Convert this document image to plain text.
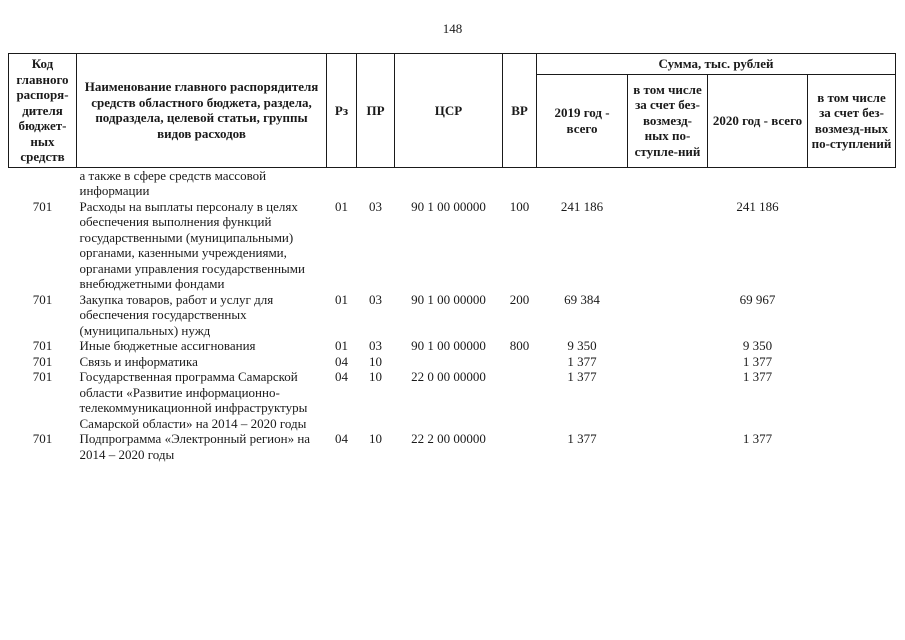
148
Код главного распоря-дителя бюджет-ных средств	Наименование главного распорядителя средств областного бюджета, раздела, подраздела, целевой статьи, группы видов расходов	Рз	ПР	ЦСР	ВР	Сумма, тыс. рублей			
						2019 год - всего	в том числе за счет без-возмезд-ных по-ступле-ний	2020 год - всего	в том числе за счет без-возмезд-ных по-ступлений
	а также в сфере средств массовой информации								
701	Расходы на выплаты персоналу в целях обеспечения выполнения функций государственными (муниципальными) органами, казенными учреждениями, органами управления государственными внебюджетными фондами	01	03	90 1 00 00000	100	241 186		241 186	
701	Закупка товаров, работ и услуг для обеспечения государственных (муниципальных) нужд	01	03	90 1 00 00000	200	69 384		69 967	
701	Иные бюджетные ассигнования	01	03	90 1 00 00000	800	9 350		9 350	
701	Связь и информатика	04	10			1 377		1 377	
701	Государственная программа Самарской области «Развитие информационно-телекоммуникационной инфраструктуры Самарской области» на 2014 – 2020 годы	04	10	22 0 00 00000		1 377		1 377	
701	Подпрограмма «Электронный регион» на 2014 – 2020 годы	04	10	22 2 00 00000		1 377		1 377	
